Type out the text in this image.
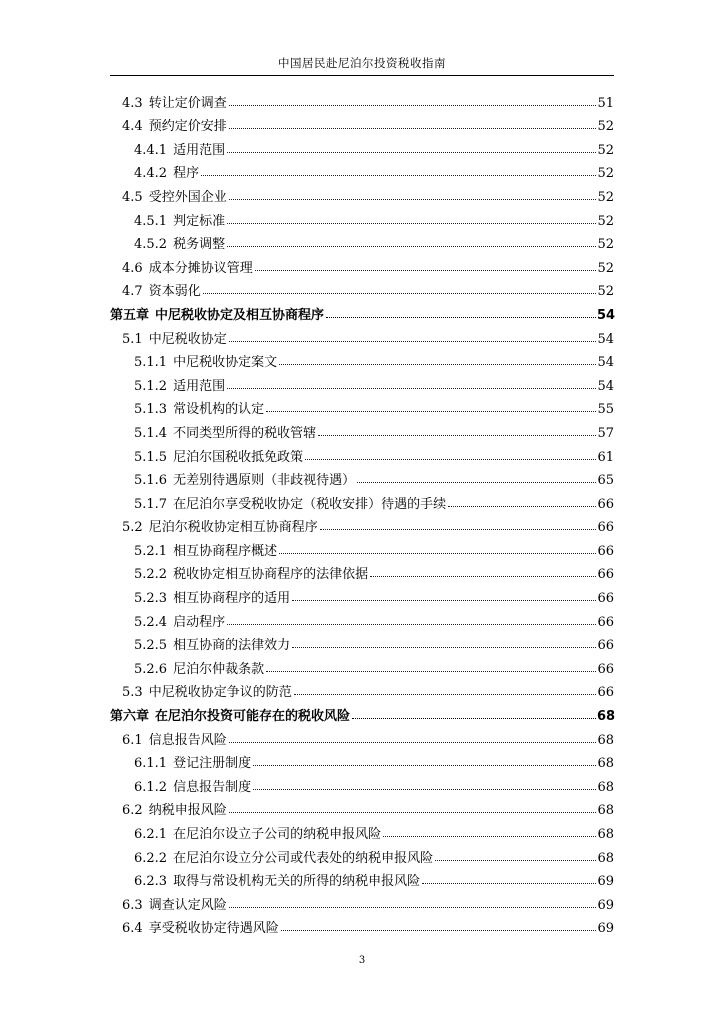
中国居民赴尼泊尔投资税收指南
4.3 转让定价调查	51
4.4 预约定价安排	52
4.4.1 适用范围	52
4.4.2 程序	52
4.5 受控外国企业	52
4.5.1 判定标准	52
4.5.2 税务调整	52
4.6 成本分摊协议管理	52
4.7 资本弱化	52
第五章 中尼税收协定及相互协商程序	54
5.1 中尼税收协定	54
5.1.1 中尼税收协定案文	54
5.1.2 适用范围	54
5.1.3 常设机构的认定	55
5.1.4 不同类型所得的税收管辖	57
5.1.5 尼泊尔国税收抵免政策	61
5.1.6 无差别待遇原则（非歧视待遇）	65
5.1.7 在尼泊尔享受税收协定（税收安排）待遇的手续	66
5.2 尼泊尔税收协定相互协商程序	66
5.2.1 相互协商程序概述	66
5.2.2 税收协定相互协商程序的法律依据	66
5.2.3 相互协商程序的适用	66
5.2.4 启动程序	66
5.2.5 相互协商的法律效力	66
5.2.6 尼泊尔仲裁条款	66
5.3 中尼税收协定争议的防范	66
第六章 在尼泊尔投资可能存在的税收风险	68
6.1 信息报告风险	68
6.1.1 登记注册制度	68
6.1.2 信息报告制度	68
6.2 纳税申报风险	68
6.2.1 在尼泊尔设立子公司的纳税申报风险	68
6.2.2 在尼泊尔设立分公司或代表处的纳税申报风险	68
6.2.3 取得与常设机构无关的所得的纳税申报风险	69
6.3 调查认定风险	69
6.4 享受税收协定待遇风险	69
3
